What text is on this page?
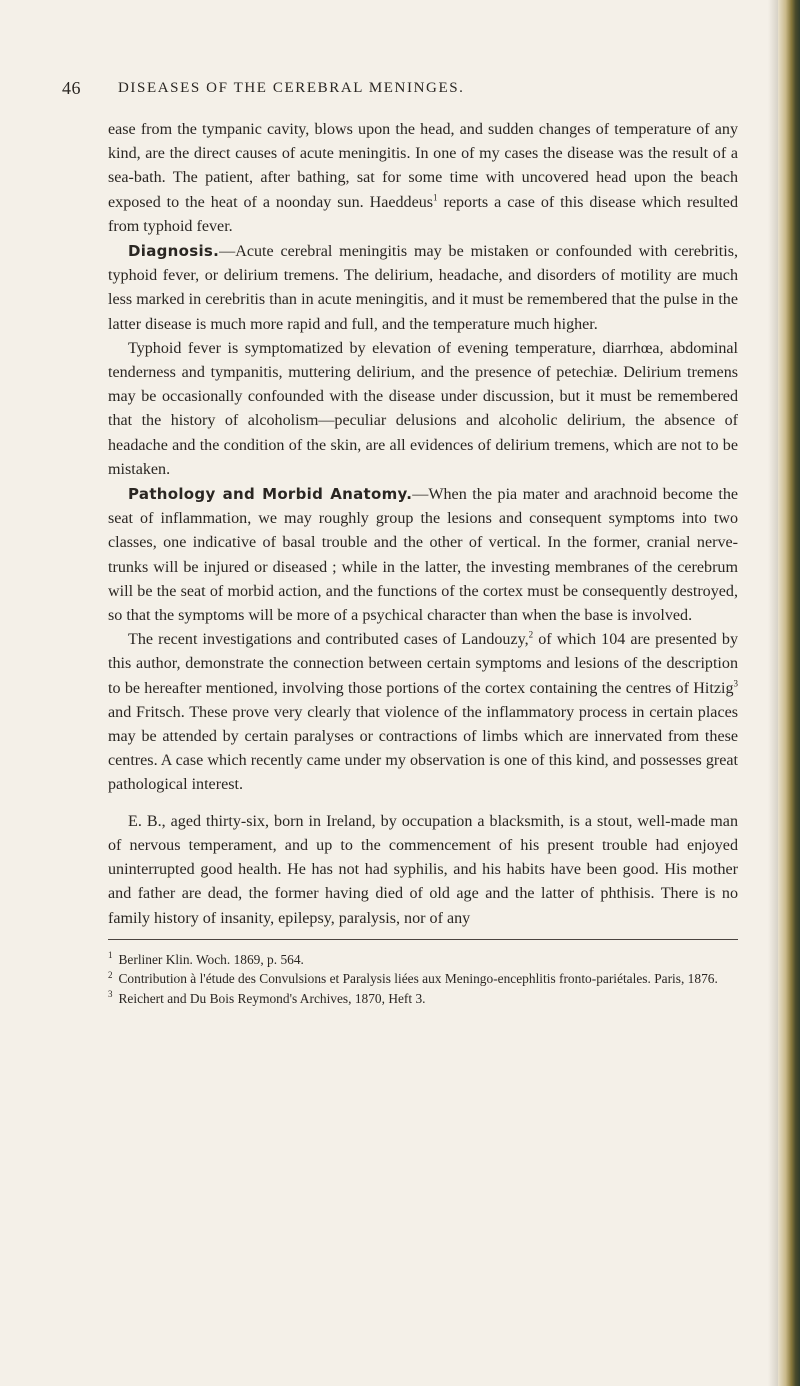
46 DISEASES OF THE CEREBRAL MENINGES.

ease from the tympanic cavity, blows upon the head, and sudden changes of temperature of any kind, are the direct causes of acute meningitis. In one of my cases the disease was the result of a sea-bath. The patient, after bathing, sat for some time with uncovered head upon the beach exposed to the heat of a noonday sun. Haeddeus$^1$ reports a case of this disease which resulted from typhoid fever.

Diagnosis.—Acute cerebral meningitis may be mistaken or confounded with cerebritis, typhoid fever, or delirium tremens. The delirium, headache, and disorders of motility are much less marked in cerebritis than in acute meningitis, and it must be remembered that the pulse in the latter disease is much more rapid and full, and the temperature much higher.

Typhoid fever is symptomatized by elevation of evening temperature, diarrhœa, abdominal tenderness and tympanitis, muttering delirium, and the presence of petechiæ. Delirium tremens may be occasionally confounded with the disease under discussion, but it must be remembered that the history of alcoholism—peculiar delusions and alcoholic delirium, the absence of headache and the condition of the skin, are all evidences of delirium tremens, which are not to be mistaken.

Pathology and Morbid Anatomy.—When the pia mater and arachnoid become the seat of inflammation, we may roughly group the lesions and consequent symptoms into two classes, one indicative of basal trouble and the other of vertical. In the former, cranial nerve-trunks will be injured or diseased ; while in the latter, the investing membranes of the cerebrum will be the seat of morbid action, and the functions of the cortex must be consequently destroyed, so that the symptoms will be more of a psychical character than when the base is involved.

The recent investigations and contributed cases of Landouzy,$^2$ of which 104 are presented by this author, demonstrate the connection between certain symptoms and lesions of the description to be hereafter mentioned, involving those portions of the cortex containing the centres of Hitzig$^3$ and Fritsch. These prove very clearly that violence of the inflammatory process in certain places may be attended by certain paralyses or contractions of limbs which are innervated from these centres. A case which recently came under my observation is one of this kind, and possesses great pathological interest.

E. B., aged thirty-six, born in Ireland, by occupation a blacksmith, is a stout, well-made man of nervous temperament, and up to the commencement of his present trouble had enjoyed uninterrupted good health. He has not had syphilis, and his habits have been good. His mother and father are dead, the former having died of old age and the latter of phthisis. There is no family history of insanity, epilepsy, paralysis, nor of any

$^1$ Berliner Klin. Woch. 1869, p. 564.

$^2$ Contribution à l'étude des Convulsions et Paralysis liées aux Meningo-encephlitis fronto-pariétales. Paris, 1876.

$^3$ Reichert and Du Bois Reymond's Archives, 1870, Heft 3.
